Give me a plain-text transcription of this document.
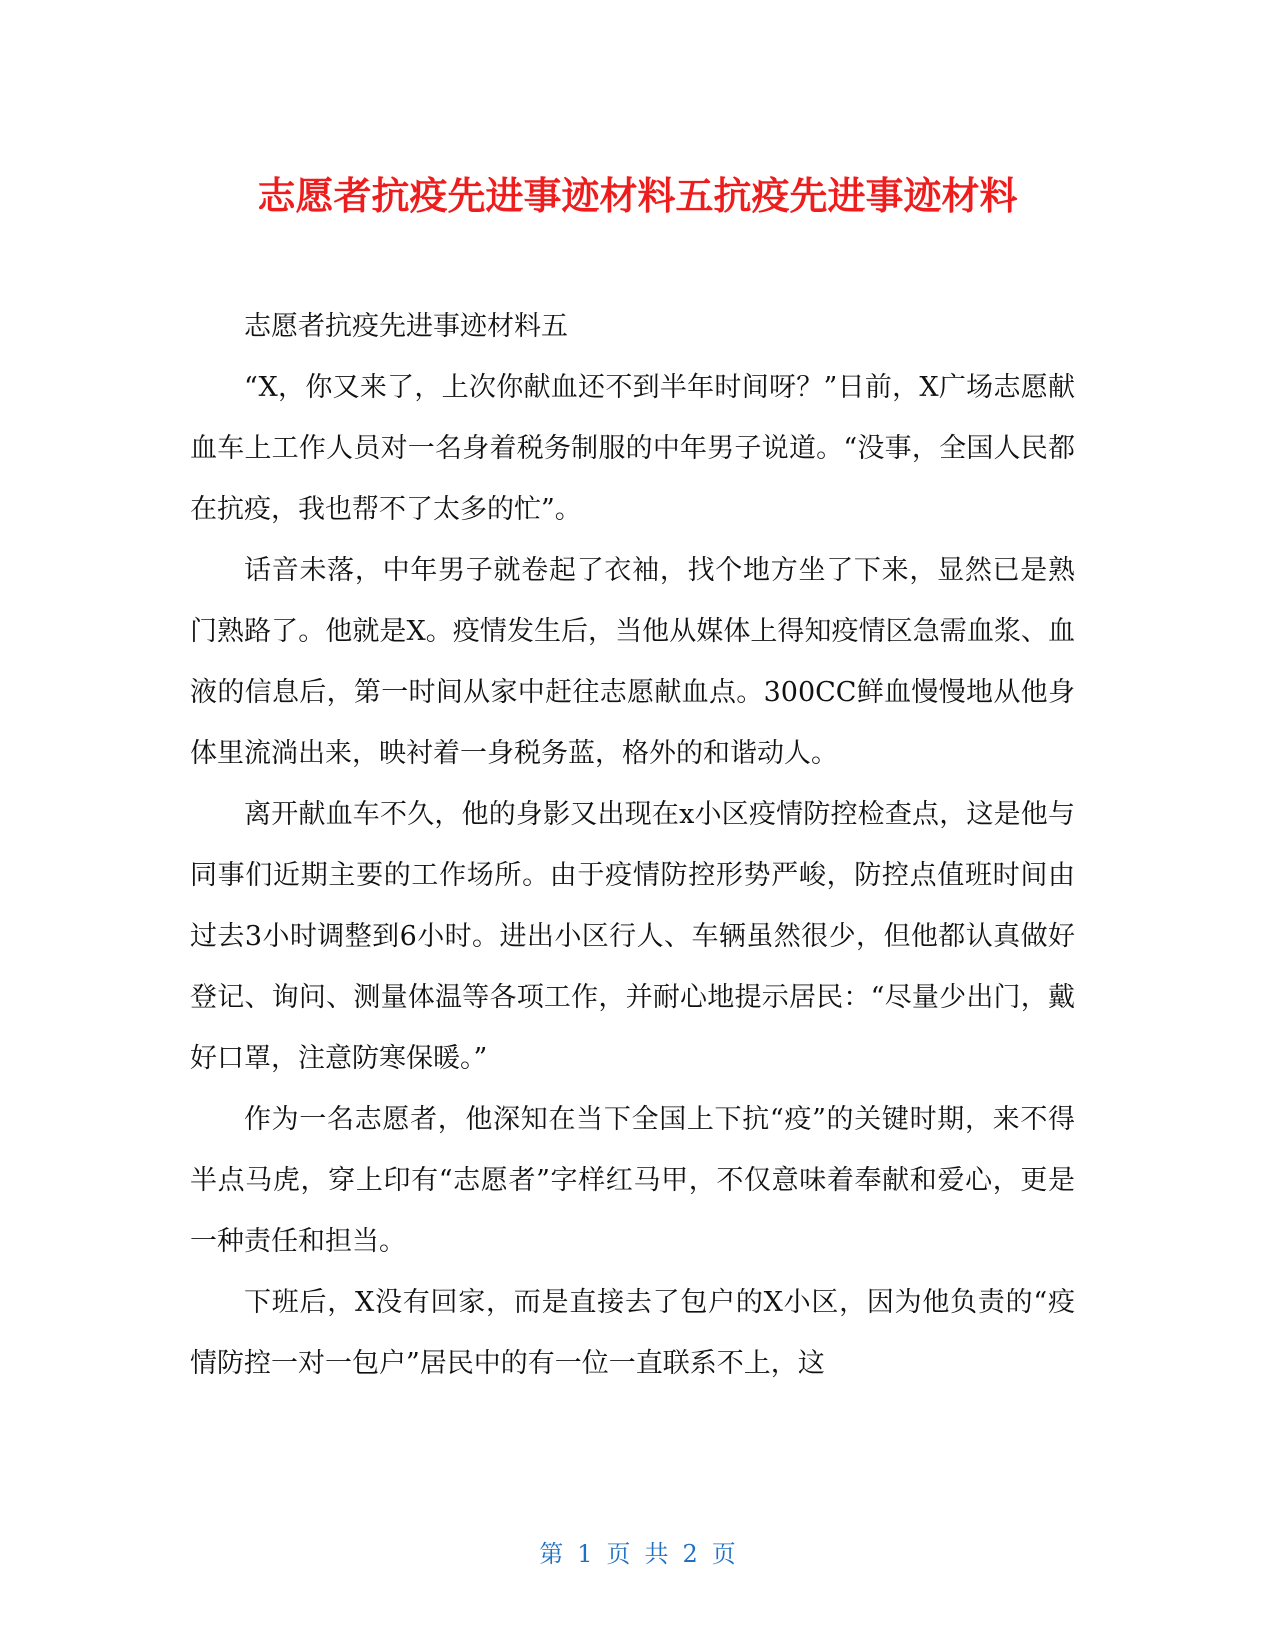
志愿者抗疫先进事迹材料五抗疫先进事迹材料

志愿者抗疫先进事迹材料五

“X，你又来了，上次你献血还不到半年时间呀？”日前，X广场志愿献血车上工作人员对一名身着税务制服的中年男子说道。“没事，全国人民都在抗疫，我也帮不了太多的忙”。

话音未落，中年男子就卷起了衣袖，找个地方坐了下来，显然已是熟门熟路了。他就是X。疫情发生后，当他从媒体上得知疫情区急需血浆、血液的信息后，第一时间从家中赶往志愿献血点。300CC鲜血慢慢地从他身体里流淌出来，映衬着一身税务蓝，格外的和谐动人。

离开献血车不久，他的身影又出现在x小区疫情防控检查点，这是他与同事们近期主要的工作场所。由于疫情防控形势严峻，防控点值班时间由过去3小时调整到6小时。进出小区行人、车辆虽然很少，但他都认真做好登记、询问、测量体温等各项工作，并耐心地提示居民：“尽量少出门，戴好口罩，注意防寒保暖。”

作为一名志愿者，他深知在当下全国上下抗“疫”的关键时期，来不得半点马虎，穿上印有“志愿者”字样红马甲，不仅意味着奉献和爱心，更是一种责任和担当。

下班后，X没有回家，而是直接去了包户的X小区，因为他负责的“疫情防控一对一包户”居民中的有一位一直联系不上，这

第 1 页 共 2 页
